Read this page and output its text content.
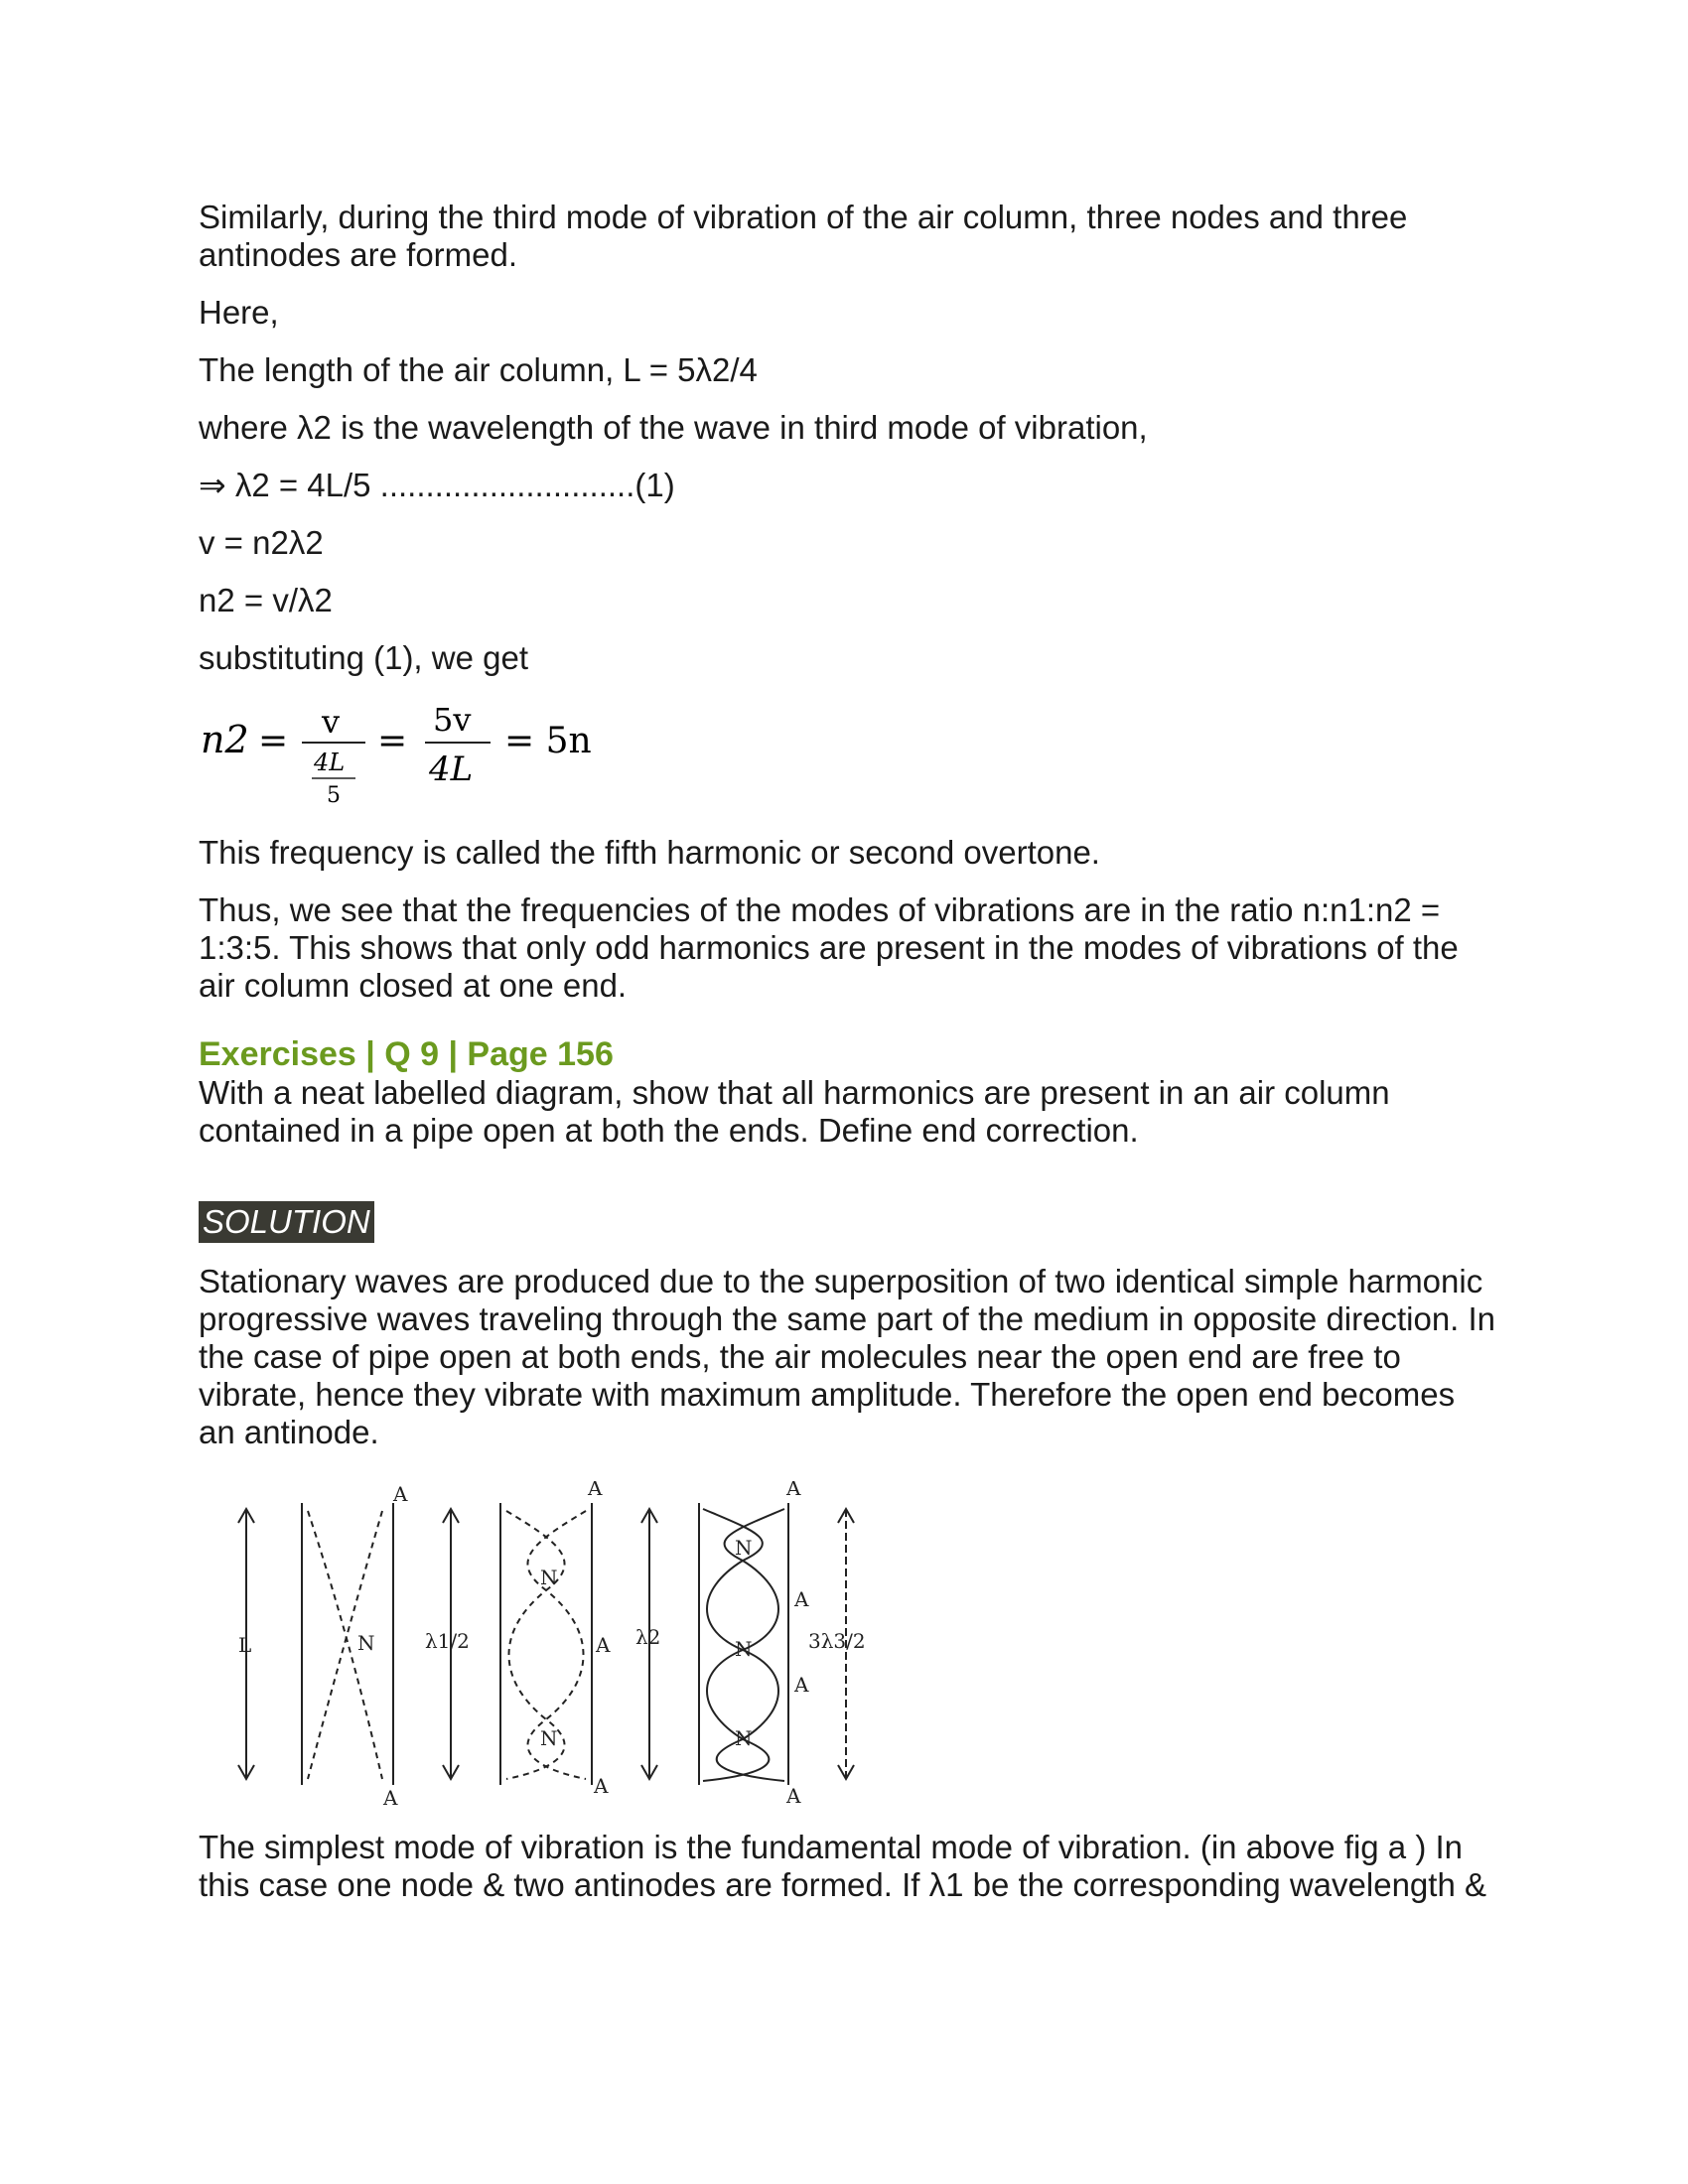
Similarly, during the third mode of vibration of the air column, three nodes and three antinodes are formed.

Here,

The length of the air column, L = 5λ2/4

where λ2 is the wavelength of the wave in third mode of vibration,

⇒ λ2 = 4L/5 ............................(1)

v = n2λ2

n2 = v/λ2

substituting (1), we get

n2 = v
4L
5
=
5v
4L
= 5n

This frequency is called the fifth harmonic or second overtone.

Thus, we see that the frequencies of the modes of vibrations are in the ratio n:n1:n2 = 1:3:5. This shows that only odd harmonics are present in the modes of vibrations of the air column closed at one end.

Exercises | Q 9 | Page 156

With a neat labelled diagram, show that all harmonics are present in an air column contained in a pipe open at both the ends. Define end correction.

SOLUTION

Stationary waves are produced due to the superposition of two identical simple harmonic progressive waves traveling through the same part of the medium in opposite direction. In the case of pipe open at both ends, the air molecules near the open end are free to vibrate, hence they vibrate with maximum amplitude. Therefore the open end becomes an antinode.

L
A
N
A
λ1/2
A
N
A
N
A
λ2
A
N
A
N
A
N
A
3λ3/2

The simplest mode of vibration is the fundamental mode of vibration. (in above fig a ) In this case one node & two antinodes are formed. If λ1 be the corresponding wavelength &
